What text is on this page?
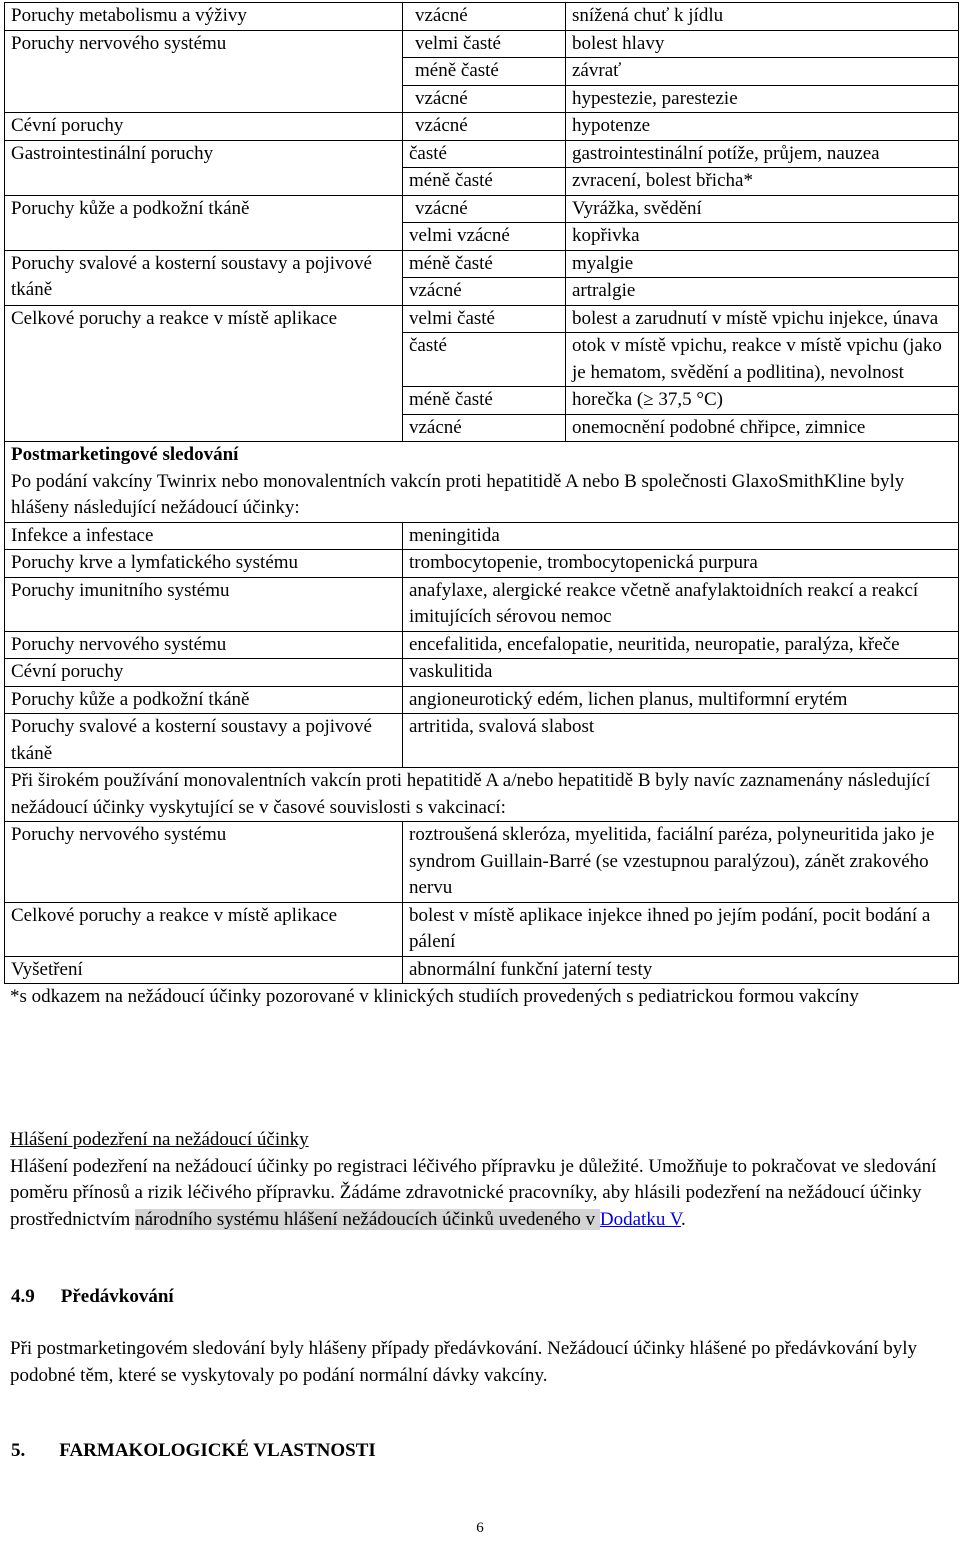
Poruchy metabolismu a výživy	vzácné	snížená chuť k jídlu
Poruchy nervového systému	velmi časté	bolest hlavy
	méně časté	závrať
	vzácné	hypestezie, parestezie
Cévní poruchy	vzácné	hypotenze
Gastrointestinální poruchy	časté	gastrointestinální potíže, průjem, nauzea
	méně časté	zvracení, bolest břicha*
Poruchy kůže a podkožní tkáně	vzácné	Vyrážka, svědění
	velmi vzácné	kopřivka
Poruchy svalové a kosterní soustavy a pojivové tkáně	méně časté	myalgie
	vzácné	artralgie
Celkové poruchy a reakce v místě aplikace	velmi časté	bolest a zarudnutí v místě vpichu injekce, únava
	časté	otok v místě vpichu, reakce v místě vpichu (jako je hematom, svědění a podlitina), nevolnost
	méně časté	horečka (≥ 37,5 °C)
	vzácné	onemocnění podobné chřipce, zimnice
Postmarketingové sledování
Po podání vakcíny Twinrix nebo monovalentních vakcín proti hepatitidě A nebo B společnosti GlaxoSmithKline byly hlášeny následující nežádoucí účinky:	

Infekce a infestace	meningitida
Poruchy krve a lymfatického systému	trombocytopenie, trombocytopenická purpura
Poruchy imunitního systému	anafylaxe, alergické reakce včetně anafylaktoidních reakcí a reakcí imitujících sérovou nemoc
Poruchy nervového systému	encefalitida, encefalopatie, neuritida, neuropatie, paralýza, křeče
Cévní poruchy	vaskulitida
Poruchy kůže a podkožní tkáně	angioneurotický edém, lichen planus, multiformní erytém
Poruchy svalové a kosterní soustavy a pojivové tkáně	artritida, svalová slabost
Při širokém používání monovalentních vakcín proti hepatitidě A a/nebo hepatitidě B byly navíc zaznamenány následující nežádoucí účinky vyskytující se v časové souvislosti s vakcinací:	
Poruchy nervového systému	roztroušená skleróza, myelitida, faciální paréza, polyneuritida jako je syndrom Guillain-Barré (se vzestupnou paralýzou), zánět zrakového nervu
Celkové poruchy a reakce v místě aplikace	bolest v místě aplikace injekce ihned po jejím podání, pocit bodání a pálení
Vyšetření	abnormální funkční jaterní testy
*s odkazem na nežádoucí účinky pozorované v klinických studiích provedených s pediatrickou formou vakcíny
Hlášení podezření na nežádoucí účinky
Hlášení podezření na nežádoucí účinky po registraci léčivého přípravku je důležité. Umožňuje to pokračovat ve sledování poměru přínosů a rizik léčivého přípravku. Žádáme zdravotnické pracovníky, aby hlásili podezření na nežádoucí účinky prostřednictvím národního systému hlášení nežádoucích účinků uvedeného v Dodatku V.
4.9 Předávkování
Při postmarketingovém sledování byly hlášeny případy předávkování. Nežádoucí účinky hlášené po předávkování byly podobné těm, které se vyskytovaly po podání normální dávky vakcíny.
5. FARMAKOLOGICKÉ VLASTNOSTI
6
